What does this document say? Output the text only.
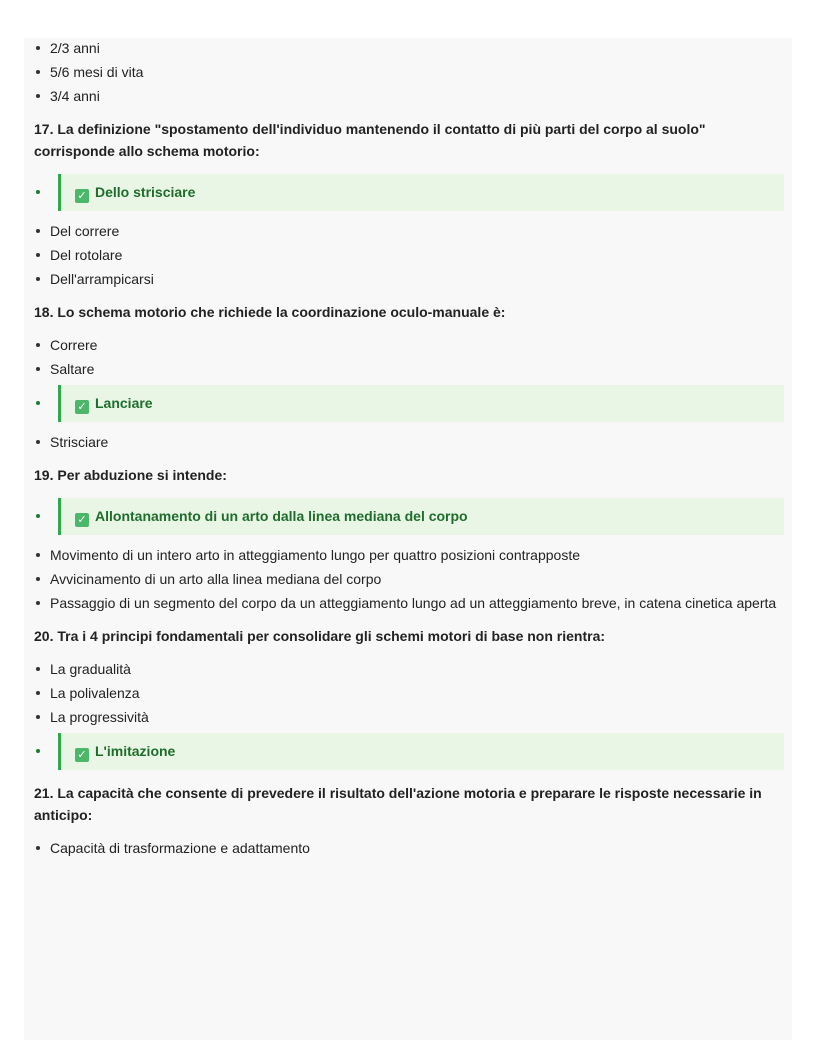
2/3 anni
5/6 mesi di vita
3/4 anni
17. La definizione "spostamento dell'individuo mantenendo il contatto di più parti del corpo al suolo" corrisponde allo schema motorio:
✓ Dello strisciare
Del correre
Del rotolare
Dell'arrampicarsi
18. Lo schema motorio che richiede la coordinazione oculo-manuale è:
Correre
Saltare
✓ Lanciare
Strisciare
19. Per abduzione si intende:
✓ Allontanamento di un arto dalla linea mediana del corpo
Movimento di un intero arto in atteggiamento lungo per quattro posizioni contrapposte
Avvicinamento di un arto alla linea mediana del corpo
Passaggio di un segmento del corpo da un atteggiamento lungo ad un atteggiamento breve, in catena cinetica aperta
20. Tra i 4 principi fondamentali per consolidare gli schemi motori di base non rientra:
La gradualità
La polivalenza
La progressività
✓ L'imitazione
21. La capacità che consente di prevedere il risultato dell'azione motoria e preparare le risposte necessarie in anticipo:
Capacità di trasformazione e adattamento
